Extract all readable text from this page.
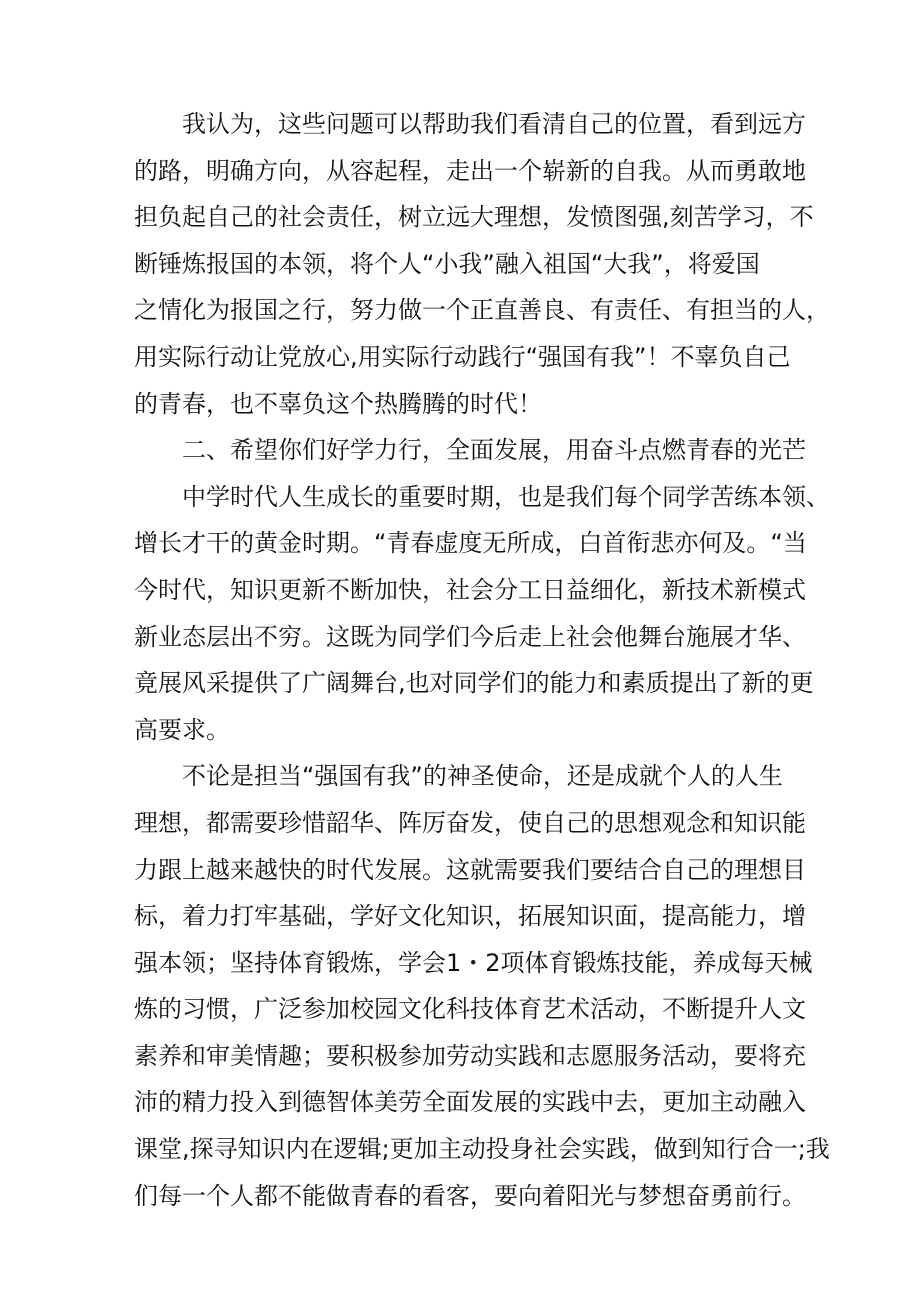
我认为，这些问题可以帮助我们看清自己的位置，看到远方
的路，明确方向，从容起程，走出一个崭新的自我。从而勇敢地
担负起自己的社会责任，树立远大理想，发愤图强,刻苦学习，不
断锤炼报国的本领，将个人“小我”融入祖国“大我”，将爱国
之情化为报国之行，努力做一个正直善良、有责任、有担当的人，
用实际行动让党放心,用实际行动践行“强国有我”！不辜负自己
的青春，也不辜负这个热腾腾的时代！
二、希望你们好学力行，全面发展，用奋斗点燃青春的光芒
中学时代人生成长的重要时期，也是我们每个同学苦练本领、
增长才干的黄金时期。“青春虚度无所成，白首衔悲亦何及。“当
今时代，知识更新不断加快，社会分工日益细化，新技术新模式
新业态层出不穷。这既为同学们今后走上社会他舞台施展才华、
竟展风采提供了广阔舞台,也对同学们的能力和素质提出了新的更
高要求。
不论是担当“强国有我”的神圣使命，还是成就个人的人生
理想，都需要珍惜韶华、阵厉奋发，使自己的思想观念和知识能
力跟上越来越快的时代发展。这就需要我们要结合自己的理想目
标，着力打牢基础，学好文化知识，拓展知识面，提高能力，增
强本领；坚持体育锻炼，学会1・2项体育锻炼技能，养成每天械
炼的习惯，广泛参加校园文化科技体育艺术活动，不断提升人文
素养和审美情趣；要积极参加劳动实践和志愿服务活动，要将充
沛的精力投入到德智体美劳全面发展的实践中去，更加主动融入
课堂,探寻知识内在逻辑;更加主动投身社会实践，做到知行合一;我
们每一个人都不能做青春的看客，要向着阳光与梦想奋勇前行。
